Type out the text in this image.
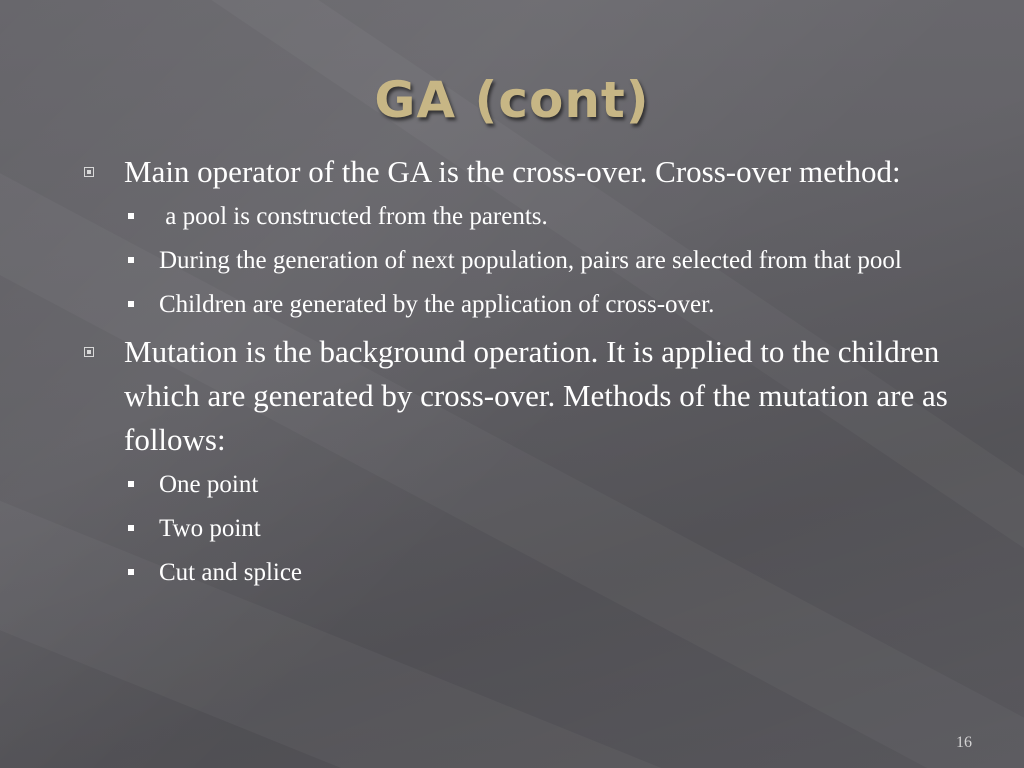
GA (cont)
Main operator of the GA is the cross-over. Cross-over method:
a pool is constructed from the parents.
During the generation of next population, pairs are selected from that pool
Children are generated by the application of cross-over.
Mutation is the background operation. It is applied to the children which are generated by cross-over. Methods of the mutation are as follows:
One point
Two point
Cut and splice
16
